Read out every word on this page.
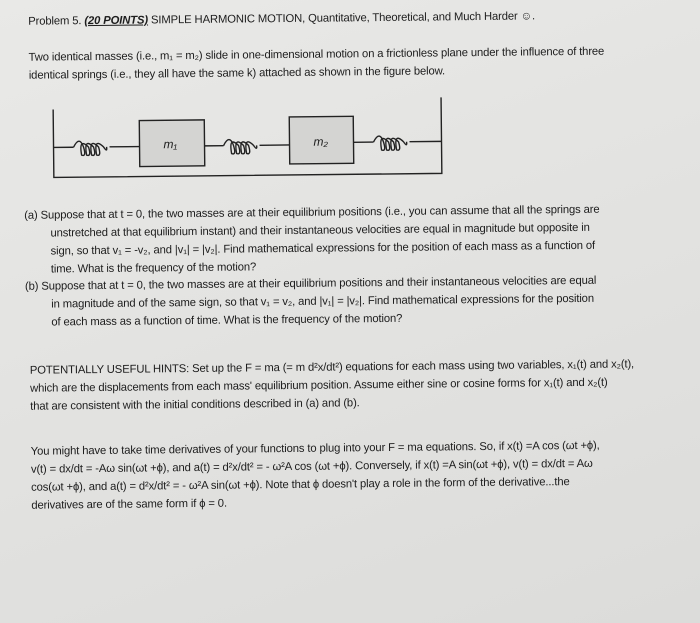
Problem 5. (20 POINTS) SIMPLE HARMONIC MOTION, Quantitative, Theoretical, and Much Harder ☺.
Two identical masses (i.e., m₁ = m₂) slide in one-dimensional motion on a frictionless plane under the influence of three
identical springs (i.e., they all have the same k) attached as shown in the figure below.
m₁	m₂
(a) Suppose that at t = 0, the two masses are at their equilibrium positions (i.e., you can assume that all the springs are
unstretched at that equilibrium instant) and their instantaneous velocities are equal in magnitude but opposite in
sign, so that v₁ = -v₂, and |v₁| = |v₂|. Find mathematical expressions for the position of each mass as a function of
time. What is the frequency of the motion?
(b) Suppose that at t = 0, the two masses are at their equilibrium positions and their instantaneous velocities are equal
in magnitude and of the same sign, so that v₁ = v₂, and |v₁| = |v₂|. Find mathematical expressions for the position
of each mass as a function of time. What is the frequency of the motion?
POTENTIALLY USEFUL HINTS: Set up the F = ma (= m d²x/dt²) equations for each mass using two variables, x₁(t) and x₂(t),
which are the displacements from each mass' equilibrium position. Assume either sine or cosine forms for x₁(t) and x₂(t)
that are consistent with the initial conditions described in (a) and (b).
You might have to take time derivatives of your functions to plug into your F = ma equations. So, if x(t) =A cos (ωt +ϕ),
v(t) = dx/dt = -Aω sin(ωt +ϕ), and a(t) = d²x/dt² = - ω²A cos (ωt +ϕ). Conversely, if x(t) =A sin(ωt +ϕ), v(t) = dx/dt = Aω
cos(ωt +ϕ), and a(t) = d²x/dt² = - ω²A sin(ωt +ϕ). Note that ϕ doesn't play a role in the form of the derivative...the
derivatives are of the same form if ϕ = 0.
